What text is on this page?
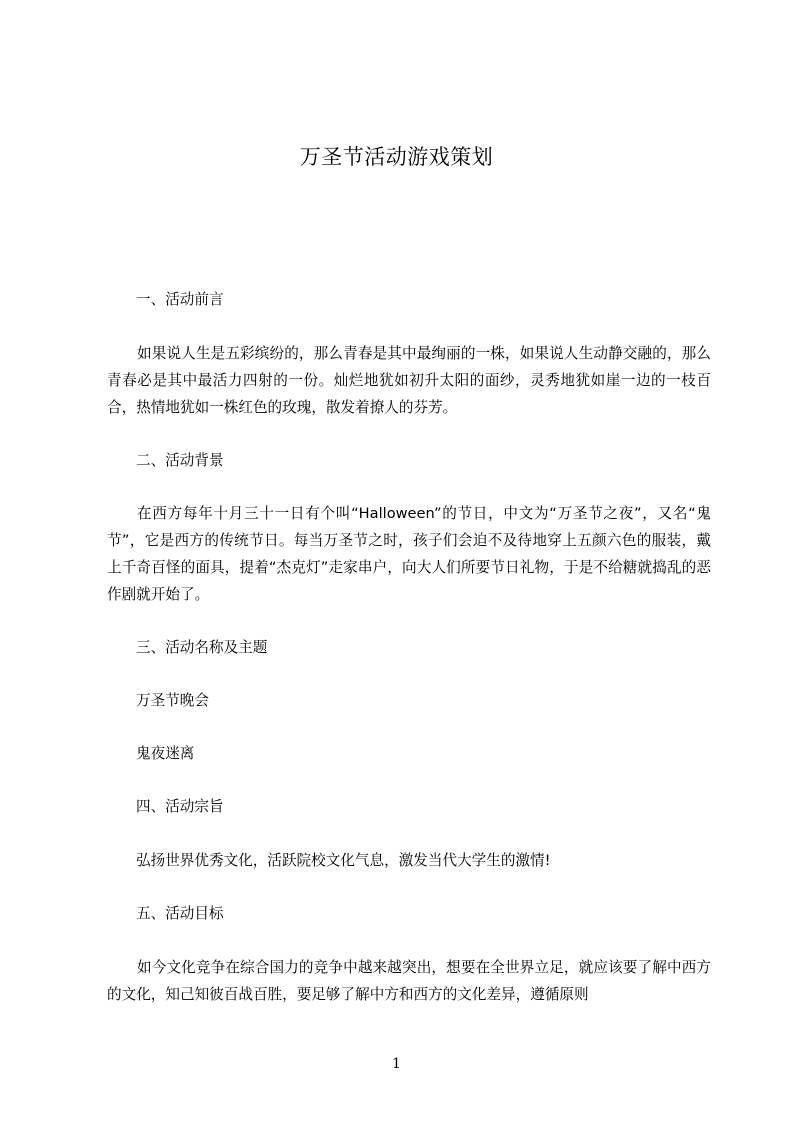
万圣节活动游戏策划

一、活动前言

如果说人生是五彩缤纷的，那么青春是其中最绚丽的一株，如果说人生动静交融的，那么青春必是其中最活力四射的一份。灿烂地犹如初升太阳的面纱，灵秀地犹如崖一边的一枝百合，热情地犹如一株红色的玫瑰，散发着撩人的芬芳。

二、活动背景

在西方每年十月三十一日有个叫“Halloween”的节日，中文为“万圣节之夜”，又名“鬼节”，它是西方的传统节日。每当万圣节之时，孩子们会迫不及待地穿上五颜六色的服装，戴上千奇百怪的面具，提着“杰克灯”走家串户，向大人们所要节日礼物，于是不给糖就捣乱的恶作剧就开始了。

三、活动名称及主题

万圣节晚会

鬼夜迷离

四、活动宗旨

弘扬世界优秀文化，活跃院校文化气息，激发当代大学生的激情!

五、活动目标

如今文化竞争在综合国力的竞争中越来越突出，想要在全世界立足，就应该要了解中西方的文化，知己知彼百战百胜，要足够了解中方和西方的文化差异，遵循原则

1
